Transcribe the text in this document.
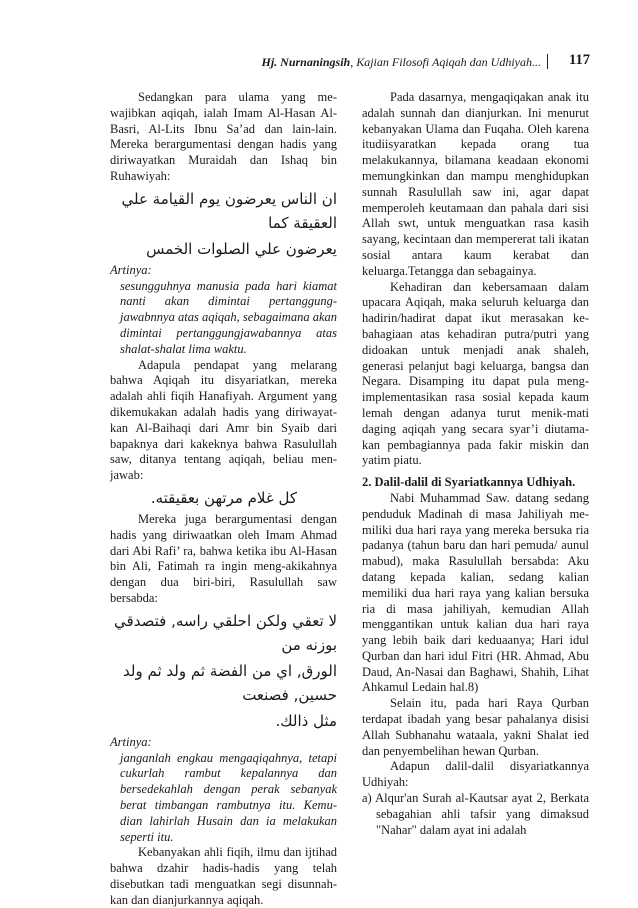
Hj. Nurnaningsih, Kajian Filosofi Aqiqah dan Udhiyah... 117

Sedangkan para ulama yang me-wajibkan aqiqah, ialah Imam Al-Hasan Al-Basri, Al-Lits Ibnu Sa’ad dan lain-lain. Mereka berargumentasi dengan hadis yang diriwayatkan Muraidah dan Ishaq bin Ruhawiyah:

ان الناس يعرضون يوم القيامة علي العقيقة كما

يعرضون علي الصلوات الخمس

Artinya:

sesungguhnya manusia pada hari kiamat nanti akan dimintai pertanggung-jawabnnya atas aqiqah, sebagaimana akan dimintai pertanggungjawabannya atas shalat-shalat lima waktu.

Adapula pendapat yang melarang bahwa Aqiqah itu disyariatkan, mereka adalah ahli fiqih Hanafiyah. Argument yang dikemukakan adalah hadis yang diriwayat-kan Al-Baihaqi dari Amr bin Syaib dari bapaknya dari kakeknya bahwa Rasulullah saw, ditanya tentang aqiqah, beliau men-jawab:

كل غلام مرتهن بعقيقته.

Mereka juga berargumentasi dengan hadis yang diriwaatkan oleh Imam Ahmad dari Abi Rafi’ ra, bahwa ketika ibu Al-Hasan bin Ali, Fatimah ra ingin meng-akikahnya dengan dua biri-biri, Rasulullah saw bersabda:

لا تعقي ولكن احلقي راسه, فتصدقي بوزنه من

الورق, اي من الفضة ثم ولد ثم ولد حسين, فصنعت

مثل ذالك.

Artinya:

janganlah engkau mengaqiqahnya, tetapi cukurlah rambut kepalannya dan bersedekahlah dengan perak sebanyak berat timbangan rambutnya itu. Kemu-dian lahirlah Husain dan ia melakukan seperti itu.

Kebanyakan ahli fiqih, ilmu dan ijtihad bahwa dzahir hadis-hadis yang telah disebutkan tadi menguatkan segi disunnah-kan dan dianjurkannya aqiqah.

Pada dasarnya, mengaqiqakan anak itu adalah sunnah dan dianjurkan. Ini menurut kebanyakan Ulama dan Fuqaha. Oleh karena itudiisyaratkan kepada orang tua melakukannya, bilamana keadaan ekonomi memungkinkan dan mampu menghidupkan sunnah Rasulullah saw ini, agar dapat memperoleh keutamaan dan pahala dari sisi Allah swt, untuk menguatkan rasa kasih sayang, kecintaan dan mempererat tali ikatan sosial antara kaum kerabat dan keluarga.Tetangga dan sebagainya.

Kehadiran dan kebersamaan dalam upacara Aqiqah, maka seluruh keluarga dan hadirin/hadirat dapat ikut merasakan ke-bahagiaan atas kehadiran putra/putri yang didoakan untuk menjadi anak shaleh, generasi pelanjut bagi keluarga, bangsa dan Negara. Disamping itu dapat pula meng-implementasikan rasa sosial kepada kaum lemah dengan adanya turut menik-mati daging aqiqah yang secara syar’i diutama-kan pembagiannya pada fakir miskin dan yatim piatu.

2. Dalil-dalil di Syariatkannya Udhiyah.

Nabi Muhammad Saw. datang sedang penduduk Madinah di masa Jahiliyah me-miliki dua hari raya yang mereka bersuka ria padanya (tahun baru dan hari pemuda/ aunul mabud), maka Rasulullah bersabda: Aku datang kepada kalian, sedang kalian memiliki dua hari raya yang kalian bersuka ria di masa jahiliyah, kemudian Allah menggantikan untuk kalian dua hari raya yang lebih baik dari keduaanya; Hari idul Qurban dan hari idul Fitri (HR. Ahmad, Abu Daud, An-Nasai dan Baghawi, Shahih, Lihat Ahkamul Ledain hal.8)

Selain itu, pada hari Raya Qurban terdapat ibadah yang besar pahalanya disisi Allah Subhanahu wataala, yakni Shalat ied dan penyembelihan hewan Qurban.

Adapun dalil-dalil disyariatkannya Udhiyah:

a) Alqur'an Surah al-Kautsar ayat 2, Berkata sebagahian ahli tafsir yang dimaksud "Nahar" dalam ayat ini adalah
